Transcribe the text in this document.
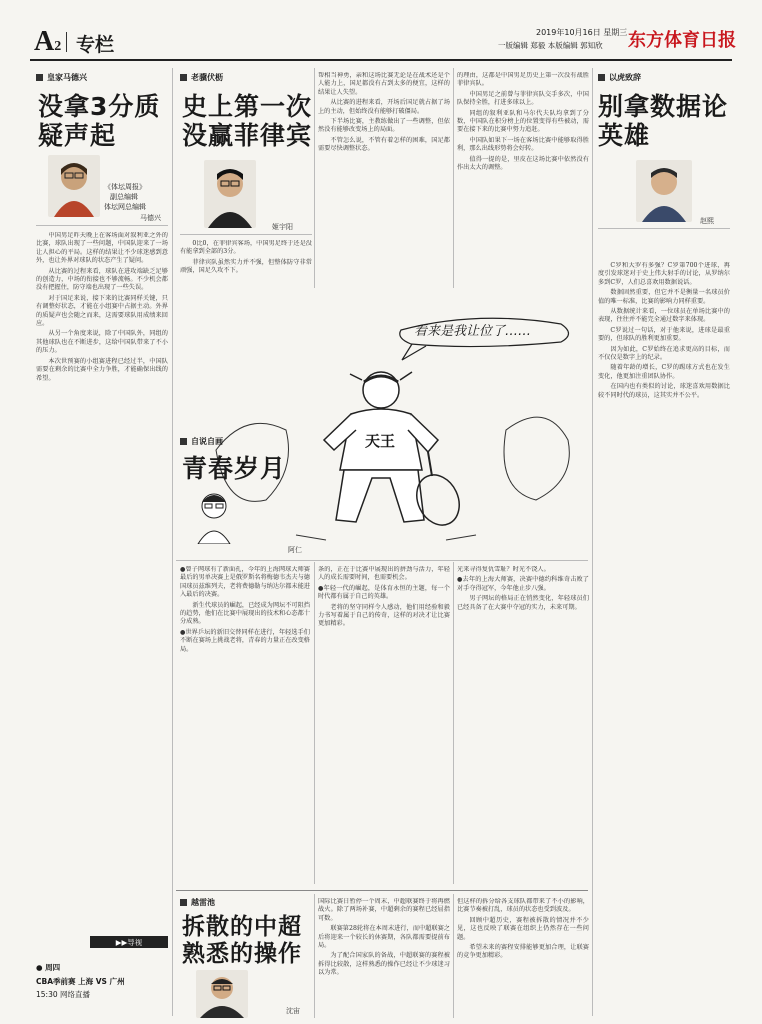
A2 专栏
2019年10月16日 星期三
一版编辑 郑毅 本版编辑 郭知欣 东方体育日报
皇家马德兴
没拿3分质疑声起
《体坛周报》
副总编辑
体坛网总编辑
马德兴

中国男足昨天晚上在客场面对叙利亚之外的比赛，球队出现了一些问题，中国队迎来了一场让人担心的平局。这样的结果让不少球迷感到意外，也让外界对球队的状态产生了疑问。

从比赛的过程来看，球队在进攻端缺乏足够的创造力，中场的衔接也不够流畅。不少机会都没有把握住，防守端也出现了一些失误。

对于国足来说，接下来的比赛同样关键，只有调整好状态，才能在小组赛中占据主动。外界的质疑声也会随之而来，这需要球队用成绩来回应。

从另一个角度来说，除了中国队外，同组的其他球队也在不断进步，这给中国队带来了不小的压力。

本次世预赛的小组赛进程已经过半，中国队需要在剩余的比赛中全力争胜，才能确保出线的希望。

▶▶ 导视
● 周四
CBA季前赛 上海 VS 广州
15:30 网络直播
老骥伏枥
史上第一次没赢菲律宾
姬宇阳

0比0，在菲律宾客场，中国男足终于还是没有能拿到全部的3分。

菲律宾队虽然实力并不强，但整体防守非常顽强，国足久攻不下。

帮相当神勇，亲和这场比赛无论是在战术还是个人能力上，国足都没有占到太多的便宜，这样的结果让人失望。

从比赛的进程来看，开场后国足就占据了场上的主动，但始终没有能够打破僵局。

下半场比赛，主教练做出了一些调整，但依然没有能够改变场上的局面。

不管怎么说，不管有着怎样的困难，国足都需要尽快调整状态。

的理由，这都是中国男足历史上第一次没有战胜菲律宾队。

中国男足之前曾与菲律宾队交手多次，中国队保持全胜，打进多球以上。

同组的叙利亚队和马尔代夫队均拿到了分数，中国队在积分榜上的位置变得有些被动，需要在接下来的比赛中努力追赶。

中国队如果下一场在客场比赛中能够取得胜利，那么出线形势将会好转。

值得一提的是，里皮在这场比赛中依然没有作出太大的调整。

以虎致辞
别拿数据论英雄
赵熙

C罗和大罗有多强？C罗第700个进球，再度引发球迷对于史上伟大射手的讨论，从罗纳尔多到C罗，人们总喜欢用数据说话。

数据固然重要，但它并不是衡量一名球员价值的唯一标准，比赛的影响力同样重要。

从数据统计来看，一位球员在单场比赛中的表现，往往并不能完全通过数字来体现。

C罗说过一句话，对于他来说，进球是最重要的，但球队的胜利更加重要。

因为如此，C罗始终在追求更高的目标，而不仅仅是数字上的纪录。

随着年龄的增长，C罗的踢球方式也在发生变化，他更加注重团队协作。

在国内也有类似的讨论，球迷喜欢用数据比较不同时代的球员，这其实并不公平。

看来是我让位了……
天王
自说自画
青春岁月
阿仁

●曾子网球有了新面孔，今年的上海网球大师赛最后的男单决赛上是俄罗斯名将梅德韦杰夫与德国球员兹维列夫，老将费德勒与纳达尔都未能进入最后的决赛。

新生代球员的崛起，已经成为网坛不可阻挡的趋势，他们在比赛中展现出的技术和心态都十分成熟。

●世界乒坛的新旧交替同样在进行，年轻选手们不断在赛场上挑战老将，青春的力量正在改变格局。

条的，正在于比赛中展现出的拼劲与活力，年轻人的成长需要时间，也需要机会。

●年轻一代的崛起，是体育永恒的主题，每一个时代都有属于自己的英雄。

老将的坚守同样令人感动，他们用经验和毅力书写着属于自己的传奇，这样的对决才让比赛更加精彩。

光来寻得复仇雪耻？时光不饶人。

●去年的上海大师赛，决赛中德约科维奇击败了对手夺得冠军，今年他止步八强。

男子网坛的格局正在悄然变化，年轻球员们已经具备了在大赛中夺冠的实力，未来可期。

越雷池
拆散的中超熟悉的操作
沈宙

国际比赛日暂停一个周末，中超联赛终于将再燃战火。除了两场补赛，中超剩余的赛程已经屈指可数。

联赛第28轮将在本周末进行，而中超联赛之后将迎来一个较长的休赛期，各队都需要提前布局。

为了配合国家队的备战，中超联赛的赛程被拆得比较散，这样熟悉的操作已经让不少球迷习以为常。

但这样的拆分给各支球队都带来了不小的影响，比赛节奏被打乱，球员的状态也受到波及。

回顾中超历史，赛程被拆散的情况并不少见，这也反映了联赛在组织上仍然存在一些问题。

希望未来的赛程安排能够更加合理，让联赛的竞争更加精彩。
